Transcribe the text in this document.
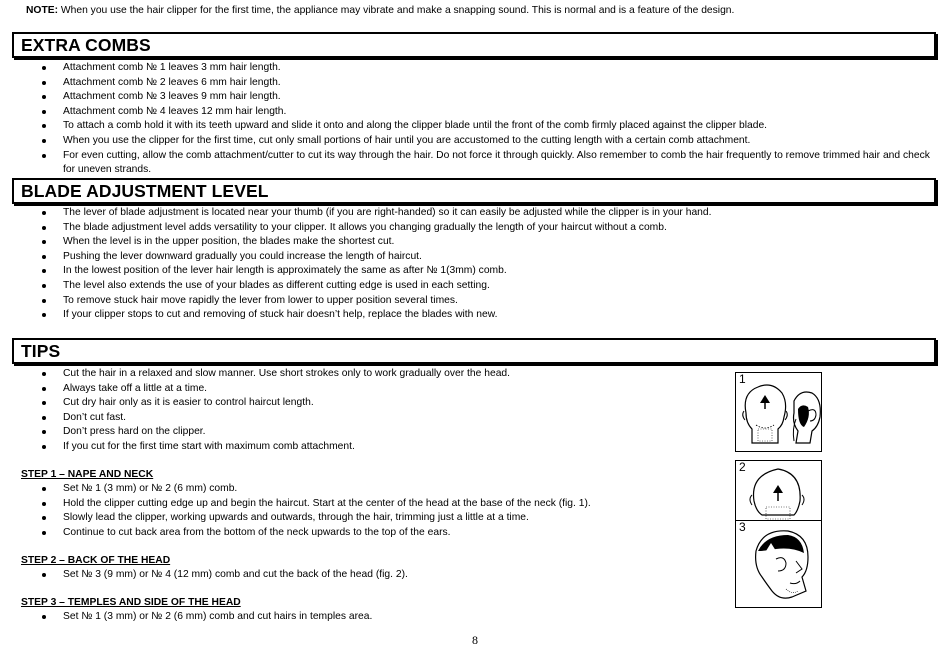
NOTE: When you use the hair clipper for the first time, the appliance may vibrate and make a snapping sound. This is normal and is a feature of the design.
EXTRA COMBS
Attachment comb № 1 leaves 3 mm hair length.
Attachment comb № 2 leaves 6 mm hair length.
Attachment comb № 3 leaves 9 mm hair length.
Attachment comb № 4 leaves 12 mm hair length.
To attach a comb hold it with its teeth upward and slide it onto and along the clipper blade until the front of the comb firmly placed against the clipper blade.
When you use the clipper for the first time, cut only small portions of hair until you are accustomed to the cutting length with a certain comb attachment.
For even cutting, allow the comb attachment/cutter to cut its way through the hair. Do not force it through quickly. Also remember to comb the hair frequently to remove trimmed hair and check for uneven strands.
BLADE ADJUSTMENT LEVEL
The lever of blade adjustment is located near your thumb (if you are right-handed) so it can easily be adjusted while the clipper is in your hand.
The blade adjustment level adds versatility to your clipper. It allows you changing gradually the length of your haircut without a comb.
When the level is in the upper position, the blades make the shortest cut.
Pushing the lever downward gradually you could increase the length of haircut.
In the lowest position of the lever hair length is approximately the same as after № 1(3mm) comb.
The level also extends the use of your blades as different cutting edge is used in each setting.
To remove stuck hair move rapidly the lever from lower to upper position several times.
If your clipper stops to cut and removing of stuck hair doesn’t help, replace the blades with new.
TIPS
Cut the hair in a relaxed and slow manner. Use short strokes only to work gradually over the head.
Always take off a little at a time.
Cut dry hair only as it is easier to control haircut length.
Don’t cut fast.
Don’t press hard on the clipper.
If you cut for the first time start with maximum comb attachment.
STEP 1 – NAPE AND NECK
Set № 1 (3 mm) or № 2 (6 mm) comb.
Hold the clipper cutting edge up and begin the haircut. Start at the center of the head at the base of the neck (fig. 1).
Slowly lead the clipper, working upwards and outwards, through the hair, trimming just a little at a time.
Continue to cut back area from the bottom of the neck upwards to the top of the ears.
STEP 2 – BACK OF THE HEAD
Set № 3 (9 mm) or № 4 (12 mm) comb and cut the back of the head (fig. 2).
STEP 3 – TEMPLES AND SIDE OF THE HEAD
Set № 1 (3 mm) or № 2 (6 mm) comb and cut hairs in temples area.
1
2
3
8
